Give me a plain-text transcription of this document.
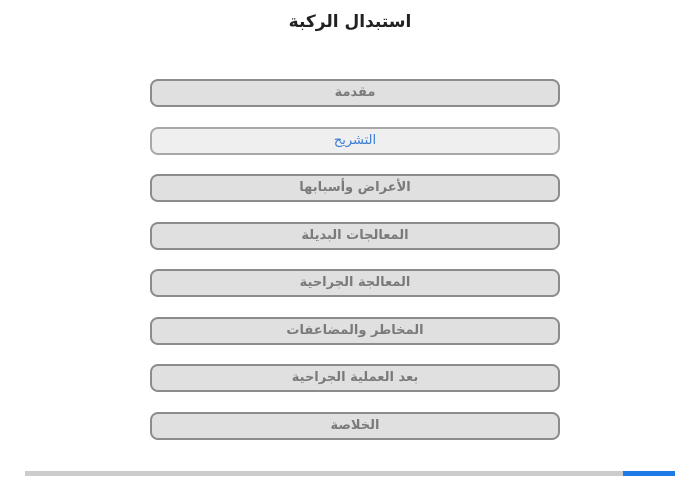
استبدال الركبة
مقدمة
التشريح
الأعراض وأسبابها
المعالجات البديلة
المعالجة الجراحية
المخاطر والمضاعفات
بعد العملية الجراحية
الخلاصة
